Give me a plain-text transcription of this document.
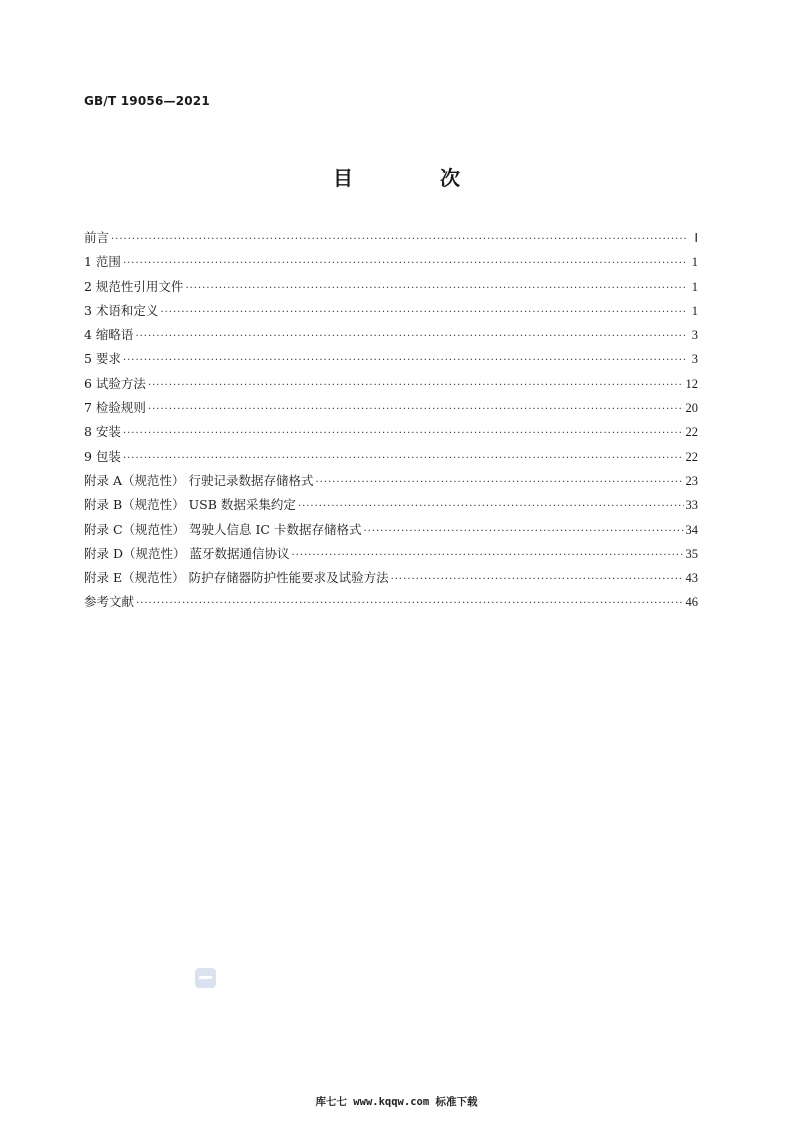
GB/T 19056—2021
目 次
前言 ·····	Ⅰ
1 范围 ·····	1
2 规范性引用文件 ·····	1
3 术语和定义 ·····	1
4 缩略语 ·····	3
5 要求 ·····	3
6 试验方法 ·····	12
7 检验规则 ·····	20
8 安装 ·····	22
9 包装 ·····	22
附录 A（规范性） 行驶记录数据存储格式 ·····	23
附录 B（规范性） USB 数据采集约定 ·····	33
附录 C（规范性） 驾驶人信息 IC 卡数据存储格式 ·····	34
附录 D（规范性） 蓝牙数据通信协议 ·····	35
附录 E（规范性） 防护存储器防护性能要求及试验方法 ·····	43
参考文献 ·····	46
库七七 www.kqqw.com 标准下载
